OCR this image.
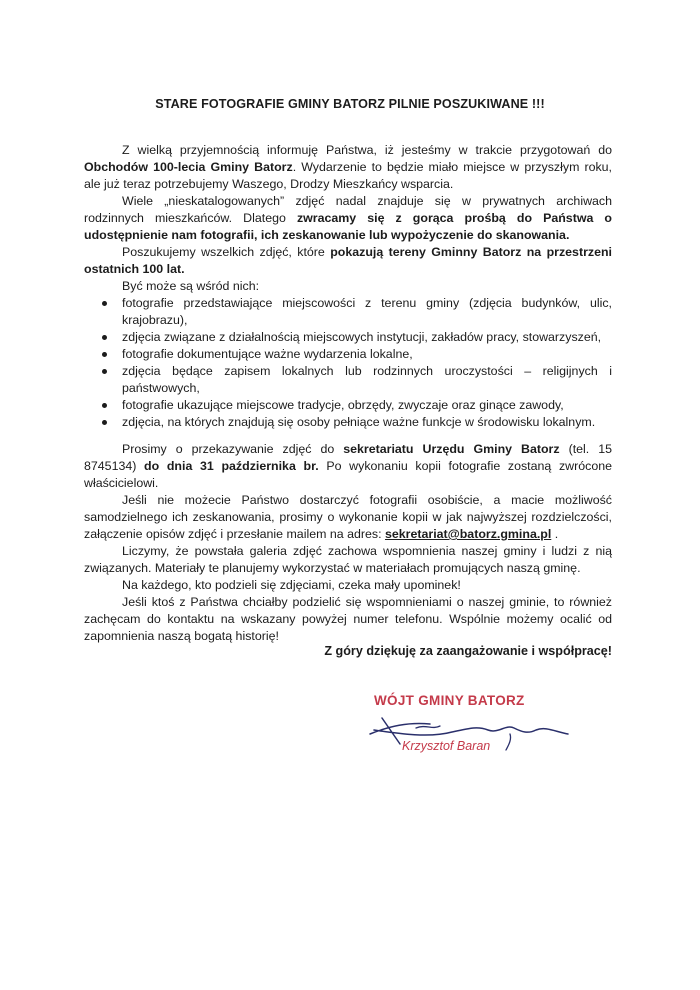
STARE FOTOGRAFIE GMINY BATORZ PILNIE POSZUKIWANE !!!

Z wielką przyjemnością informuję Państwa, iż jesteśmy w trakcie przygotowań do Obchodów 100-lecia Gminy Batorz. Wydarzenie to będzie miało miejsce w przyszłym roku, ale już teraz potrzebujemy Waszego, Drodzy Mieszkańcy wsparcia.

Wiele „nieskatalogowanych” zdjęć nadal znajduje się w prywatnych archiwach rodzinnych mieszkańców. Dlatego zwracamy się z gorąca prośbą do Państwa o udostępnienie nam fotografii, ich zeskanowanie lub wypożyczenie do skanowania.

Poszukujemy wszelkich zdjęć, które pokazują tereny Gminny Batorz na przestrzeni ostatnich 100 lat.

Być może są wśród nich:

fotografie przedstawiające miejscowości z terenu gminy (zdjęcia budynków, ulic, krajobrazu),
zdjęcia związane z działalnością miejscowych instytucji, zakładów pracy, stowarzyszeń,
fotografie dokumentujące ważne wydarzenia lokalne,
zdjęcia będące zapisem lokalnych lub rodzinnych uroczystości – religijnych i państwowych,
fotografie ukazujące miejscowe tradycje, obrzędy, zwyczaje oraz ginące zawody,
zdjęcia, na których znajdują się osoby pełniące ważne funkcje w środowisku lokalnym.

Prosimy o przekazywanie zdjęć do sekretariatu Urzędu Gminy Batorz (tel. 15 8745134) do dnia 31 października br. Po wykonaniu kopii fotografie zostaną zwrócone właścicielowi.

Jeśli nie możecie Państwo dostarczyć fotografii osobiście, a macie możliwość samodzielnego ich zeskanowania, prosimy o wykonanie kopii w jak najwyższej rozdzielczości, załączenie opisów zdjęć i przesłanie mailem na adres: sekretariat@batorz.gmina.pl .

Liczymy, że powstała galeria zdjęć zachowa wspomnienia naszej gminy i ludzi z nią związanych. Materiały te planujemy wykorzystać w materiałach promujących naszą gminę.

Na każdego, kto podzieli się zdjęciami, czeka mały upominek!

Jeśli ktoś z Państwa chciałby podzielić się wspomnieniami o naszej gminie, to również zachęcam do kontaktu na wskazany powyżej numer telefonu. Wspólnie możemy ocalić od zapomnienia naszą bogatą historię!

Z góry dziękuję za zaangażowanie i współpracę!
WÓJT GMINY BATORZ
Krzysztof Baran
